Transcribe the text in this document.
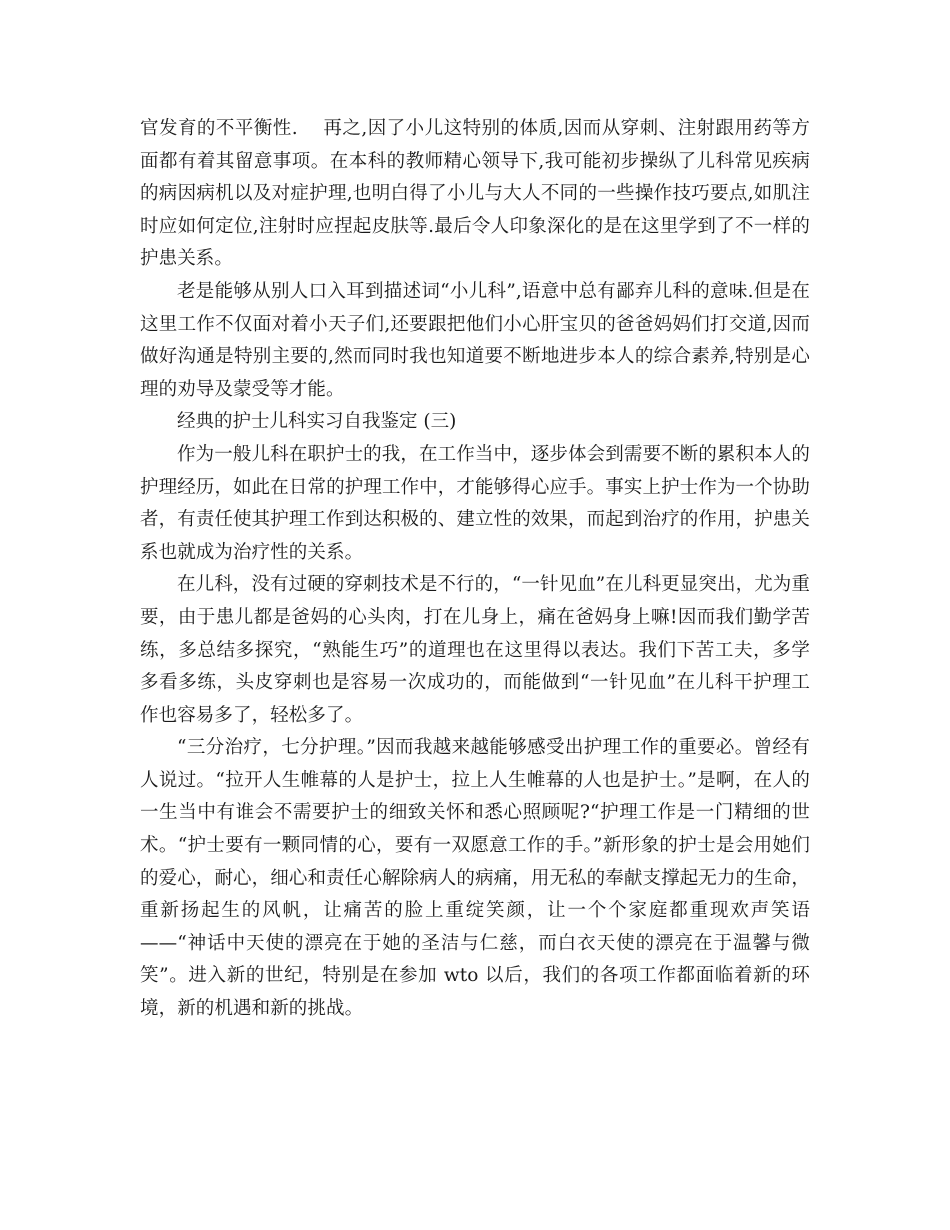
官发育的不平衡性.　 再之,因了小儿这特别的体质,因而从穿刺、注射跟用药等方面都有着其留意事项。在本科的教师精心领导下,我可能初步操纵了儿科常见疾病的病因病机以及对症护理,也明白得了小儿与大人不同的一些操作技巧要点,如肌注时应如何定位,注射时应捏起皮肤等.最后令人印象深化的是在这里学到了不一样的护患关系。

老是能够从别人口入耳到描述词“小儿科”,语意中总有鄙弃儿科的意味.但是在这里工作不仅面对着小天子们,还要跟把他们小心肝宝贝的爸爸妈妈们打交道,因而做好沟通是特别主要的,然而同时我也知道要不断地进步本人的综合素养,特别是心理的劝导及蒙受等才能。

经典的护士儿科实习自我鉴定 (三)

作为一般儿科在职护士的我，在工作当中，逐步体会到需要不断的累积本人的护理经历，如此在日常的护理工作中，才能够得心应手。事实上护士作为一个协助者，有责任使其护理工作到达积极的、建立性的效果，而起到治疗的作用，护患关系也就成为治疗性的关系。

在儿科，没有过硬的穿刺技术是不行的，“一针见血”在儿科更显突出，尤为重要，由于患儿都是爸妈的心头肉，打在儿身上，痛在爸妈身上嘛!因而我们勤学苦练，多总结多探究，“熟能生巧”的道理也在这里得以表达。我们下苦工夫，多学多看多练，头皮穿刺也是容易一次成功的，而能做到“一针见血”在儿科干护理工作也容易多了，轻松多了。

“三分治疗，七分护理。”因而我越来越能够感受出护理工作的重要必。曾经有人说过。“拉开人生帷幕的人是护士，拉上人生帷幕的人也是护士。”是啊，在人的一生当中有谁会不需要护士的细致关怀和悉心照顾呢?“护理工作是一门精细的世术。“护士要有一颗同情的心，要有一双愿意工作的手。”新形象的护士是会用她们的爱心，耐心，细心和责任心解除病人的病痛，用无私的奉献支撑起无力的生命，重新扬起生的风帆，让痛苦的脸上重绽笑颜，让一个个家庭都重现欢声笑语——“神话中天使的漂亮在于她的圣洁与仁慈，而白衣天使的漂亮在于温馨与微笑”。进入新的世纪，特别是在参加 wto 以后，我们的各项工作都面临着新的环境，新的机遇和新的挑战。
